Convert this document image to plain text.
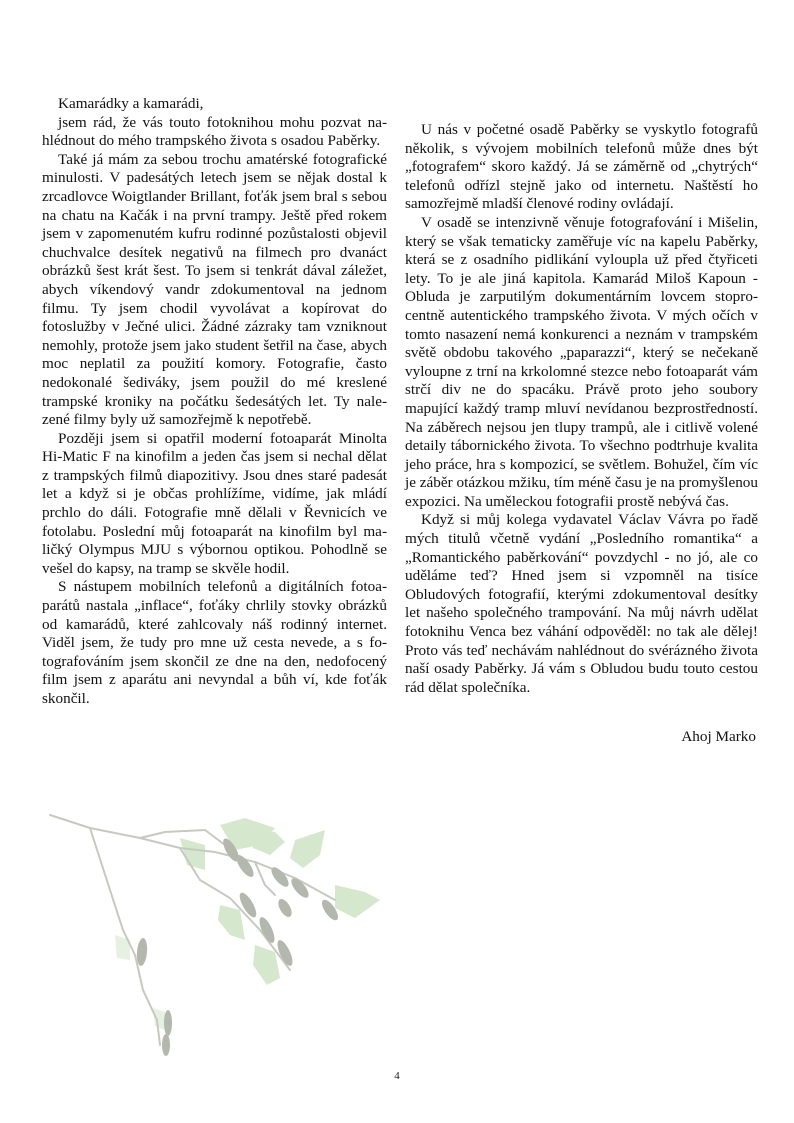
Kamarádky a kamarádi,

jsem rád, že vás touto fotoknihou mohu pozvat nahlédnout do mého trampského života s osadou Paběrky.

Také já mám za sebou trochu amatérské fotografické minulosti. V padesátých letech jsem se nějak dostal k zrcadlovce Woigtlander Brillant, foťák jsem bral s sebou na chatu na Kačák i na první trampy. Ještě před rokem jsem v zapomenutém kufru rodinné pozůstalosti objevil chuchvalce desítek negativů na filmech pro dvanáct obrázků šest krát šest. To jsem si tenkrát dával záležet, abych víkendový vandr zdokumentoval na jednom filmu. Ty jsem chodil vyvolávat a kopírovat do fotoslužby v Ječné ulici. Žádné zázraky tam vzniknout nemohly, protože jsem jako student šetřil na čase, abych moc neplatil za použití komory. Fotografie, často nedokonalé šediváky, jsem použil do mé kreslené trampské kroniky na počátku šedesátých let. Ty nalezené filmy byly už samozřejmě k nepotřebě.

Později jsem si opatřil moderní fotoaparát Minolta Hi-Matic F na kinofilm a jeden čas jsem si nechal dělat z trampských filmů diapozitivy. Jsou dnes staré padesát let a když si je občas prohlížíme, vidíme, jak mládí prchlo do dáli. Fotografie mně dělali v Řevnicích ve fotolabu. Poslední můj fotoaparát na kinofilm byl maličký Olympus MJU s výbornou optikou. Pohodlně se vešel do kapsy, na tramp se skvěle hodil.

S nástupem mobilních telefonů a digitálních fotoaparátů nastala „inflace“, foťáky chrlily stovky obrázků od kamarádů, které zahlcovaly náš rodinný internet. Viděl jsem, že tudy pro mne už cesta nevede, a s fotografováním jsem skončil ze dne na den, nedofocený film jsem z aparátu ani nevyndal a bůh ví, kde foťák skončil.

U nás v početné osadě Paběrky se vyskytlo fotografů několik, s vývojem mobilních telefonů může dnes být „fotografem“ skoro každý. Já se záměrně od „chytrých“ telefonů odřízl stejně jako od internetu. Naštěstí ho samozřejmě mladší členové rodiny ovládají.

V osadě se intenzivně věnuje fotografování i Mišelin, který se však tematicky zaměřuje víc na kapelu Paběrky, která se z osadního pidlikání vyloupla už před čtyřiceti lety. To je ale jiná kapitola. Kamarád Miloš Kapoun - Obluda je zarputilým dokumentárním lovcem stoprocentně autentického trampského života. V mých očích v tomto nasazení nemá konkurenci a neznám v trampském světě obdobu takového „paparazzi“, který se nečekaně vyloupne z trní na krkolomné stezce nebo fotoaparát vám strčí div ne do spacáku. Právě proto jeho soubory mapující každý tramp mluví nevídanou bezprostředností. Na záběrech nejsou jen tlupy trampů, ale i citlivě volené detaily tábornického života. To všechno podtrhuje kvalita jeho práce, hra s kompozicí, se světlem. Bohužel, čím víc je záběr otázkou mžiku, tím méně času je na promyšlenou expozici. Na uměleckou fotografii prostě nebývá čas.

Když si můj kolega vydavatel Václav Vávra po řadě mých titulů včetně vydání „Posledního romantika“ a „Romantického paběrkování“ povzdychl - no jó, ale co uděláme teď? Hned jsem si vzpomněl na tisíce Obludových fotografií, kterými zdokumentoval desítky let našeho společného trampování. Na můj návrh udělat fotoknihu Venca bez váhání odpověděl: no tak ale dělej! Proto vás teď nechávám nahlédnout do svérázného života naší osady Paběrky. Já vám s Obludou budu touto cestou rád dělat společníka.

Ahoj Marko
4
